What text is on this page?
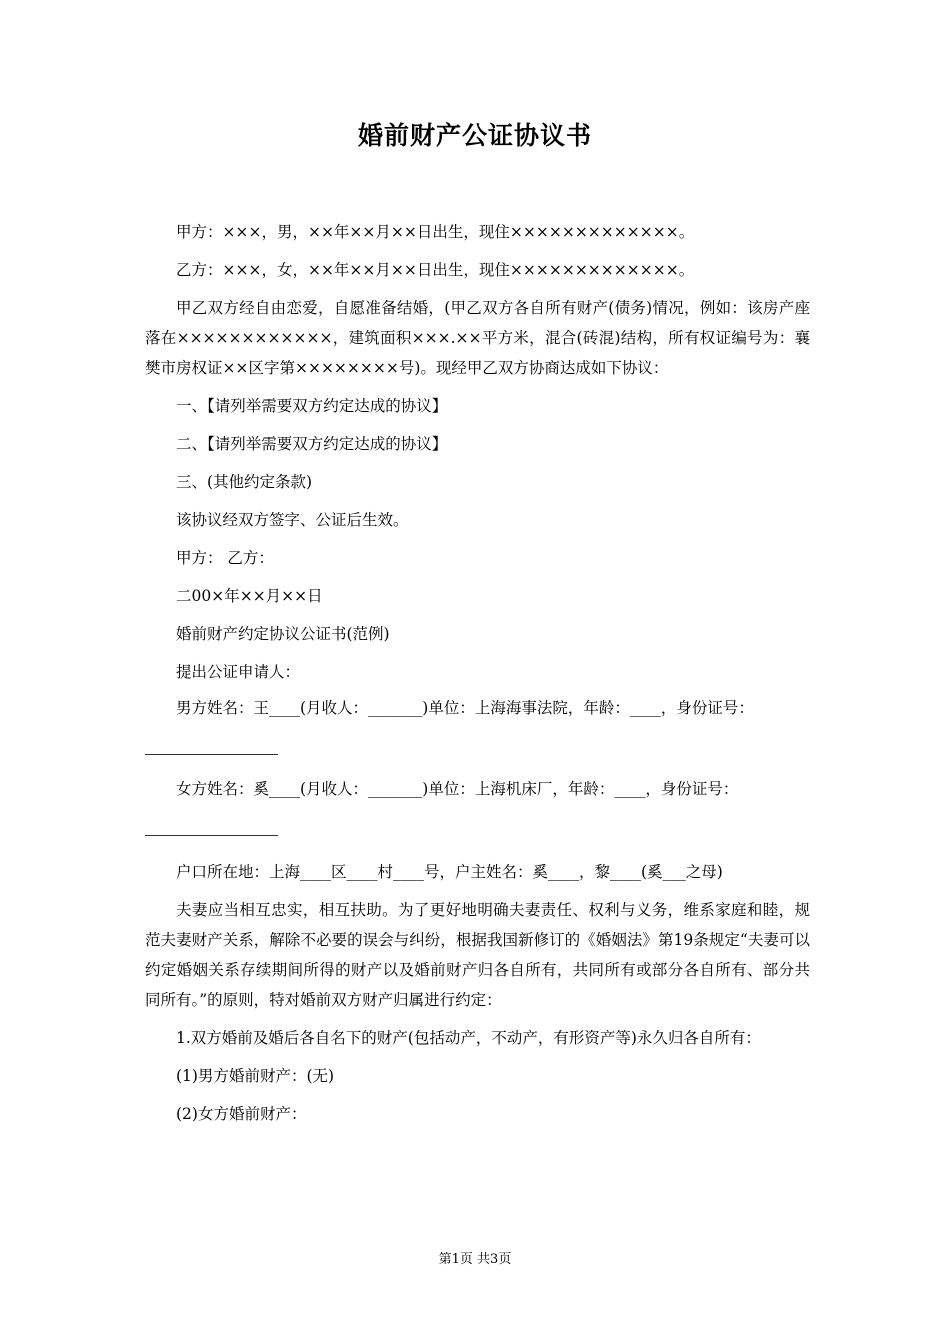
婚前财产公证协议书

甲方：×××，男，××年××月××日出生，现住×××××××××××××。

乙方：×××，女，××年××月××日出生，现住×××××××××××××。

甲乙双方经自由恋爱，自愿准备结婚，(甲乙双方各自所有财产(债务)情况，例如：该房产座落在××××××××××××，建筑面积×××.××平方米，混合(砖混)结构，所有权证编号为：襄樊市房权证××区字第××××××××号)。现经甲乙双方协商达成如下协议：

一、【请列举需要双方约定达成的协议】

二、【请列举需要双方约定达成的协议】

三、(其他约定条款)

该协议经双方签字、公证后生效。

甲方： 乙方：

二00×年××月××日

婚前财产约定协议公证书(范例)

提出公证申请人：

男方姓名：王____(月收人：_______)单位：上海海事法院，年龄：____，身份证号：

女方姓名：奚____(月收人：_______)单位：上海机床厂，年龄：____，身份证号：

户口所在地：上海____区____村____号，户主姓名：奚____，黎____(奚___之母)

夫妻应当相互忠实，相互扶助。为了更好地明确夫妻责任、权利与义务，维系家庭和睦，规范夫妻财产关系，解除不必要的误会与纠纷，根据我国新修订的《婚姻法》第19条规定“夫妻可以约定婚姻关系存续期间所得的财产以及婚前财产归各自所有，共同所有或部分各自所有、部分共同所有。”的原则，特对婚前双方财产归属进行约定：

1.双方婚前及婚后各自名下的财产(包括动产，不动产，有形资产等)永久归各自所有：

(1)男方婚前财产：(无)

(2)女方婚前财产：

第1页 共3页
